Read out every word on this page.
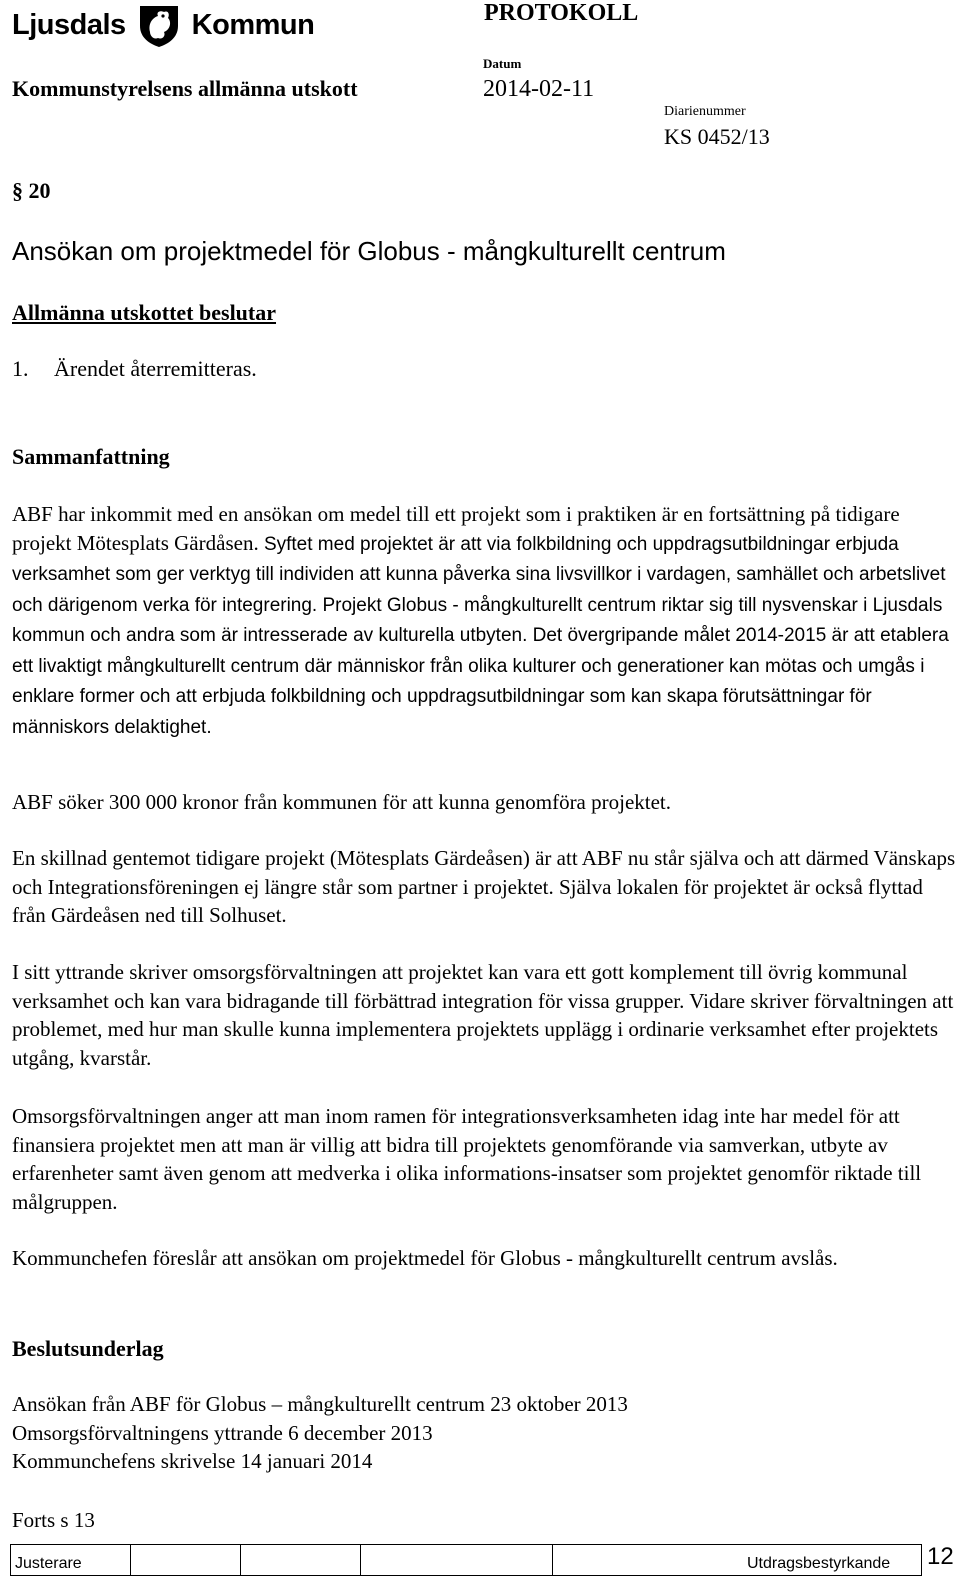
Ljusdals Kommun	PROTOKOLL
Kommunstyrelsens allmänna utskott
Datum
2014-02-11
Diarienummer
KS 0452/13
§ 20
Ansökan om projektmedel för Globus - mångkulturellt centrum
Allmänna utskottet beslutar
1. Ärendet återremitteras.
Sammanfattning
ABF har inkommit med en ansökan om medel till ett projekt som i praktiken är en fortsättning på tidigare projekt Mötesplats Gärdåsen. Syftet med projektet är att via folkbildning och uppdragsutbildningar erbjuda verksamhet som ger verktyg till individen att kunna påverka sina livsvillkor i vardagen, samhället och arbetslivet och därigenom verka för integrering. Projekt Globus - mångkulturellt centrum riktar sig till nysvenskar i Ljusdals kommun och andra som är intresserade av kulturella utbyten. Det övergripande målet 2014-2015 är att etablera ett livaktigt mångkulturellt centrum där människor från olika kulturer och generationer kan mötas och umgås i enklare former och att erbjuda folkbildning och uppdragsutbildningar som kan skapa förutsättningar för människors delaktighet.
ABF söker 300 000 kronor från kommunen för att kunna genomföra projektet.
En skillnad gentemot tidigare projekt (Mötesplats Gärdeåsen) är att ABF nu står själva och att därmed Vänskaps och Integrationsföreningen ej längre står som partner i projektet. Själva lokalen för projektet är också flyttad från Gärdeåsen ned till Solhuset.
I sitt yttrande skriver omsorgsförvaltningen att projektet kan vara ett gott komplement till övrig kommunal verksamhet och kan vara bidragande till förbättrad integration för vissa grupper. Vidare skriver förvaltningen att problemet, med hur man skulle kunna implementera projektets upplägg i ordinarie verksamhet efter projektets utgång, kvarstår.
Omsorgsförvaltningen anger att man inom ramen för integrationsverksamheten idag inte har medel för att finansiera projektet men att man är villig att bidra till projektets genomförande via samverkan, utbyte av erfarenheter samt även genom att medverka i olika informations-insatser som projektet genomför riktade till målgruppen.
Kommunchefen föreslår att ansökan om projektmedel för Globus - mångkulturellt centrum avslås.
Beslutsunderlag
Ansökan från ABF för Globus – mångkulturellt centrum 23 oktober 2013
Omsorgsförvaltningens yttrande 6 december 2013
Kommunchefens skrivelse 14 januari 2014
Forts s 13
Justerare	Utdragsbestyrkande	12
